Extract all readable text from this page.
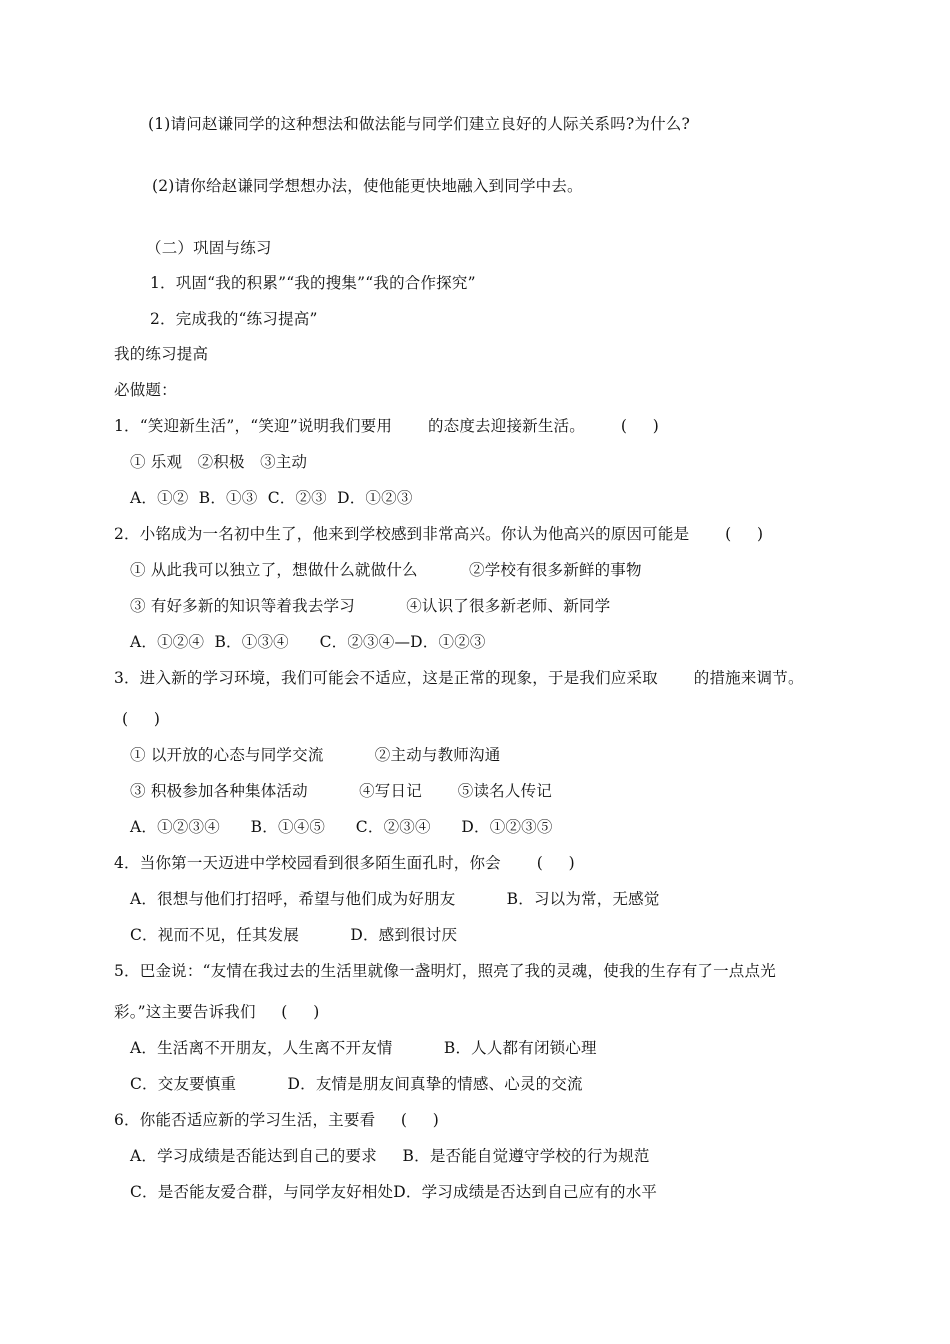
(1)请问赵谦同学的这种想法和做法能与同学们建立良好的人际关系吗?为什么?
(2)请你给赵谦同学想想办法，使他能更快地融入到同学中去。
（二）巩固与练习
1．巩固“我的积累”“我的搜集”“我的合作探究”
2．完成我的“练习提高”
我的练习提高
必做题：
1．“笑迎新生活”，“笑迎”说明我们要用       的态度去迎接新生活。       (     )
① 乐观   ②积极   ③主动
A．①②  B．①③  C．②③  D．①②③
2．小铭成为一名初中生了，他来到学校感到非常高兴。你认为他高兴的原因可能是       (     )
① 从此我可以独立了，想做什么就做什么          ②学校有很多新鲜的事物
③ 有好多新的知识等着我去学习          ④认识了很多新老师、新同学
A．①②④  B．①③④      C．②③④—D．①②③
3．进入新的学习环境，我们可能会不适应，这是正常的现象，于是我们应采取       的措施来调节。
(     )
① 以开放的心态与同学交流          ②主动与教师沟通
③ 积极参加各种集体活动          ④写日记       ⑤读名人传记
A．①②③④      B．①④⑤      C．②③④      D．①②③⑤
4．当你第一天迈进中学校园看到很多陌生面孔时，你会       (     )
A．很想与他们打招呼，希望与他们成为好朋友          B．习以为常，无感觉
C．视而不见，任其发展          D．感到很讨厌
5．巴金说：“友情在我过去的生活里就像一盏明灯，照亮了我的灵魂，使我的生存有了一点点光
彩。”这主要告诉我们     (     )
A．生活离不开朋友，人生离不开友情          B．人人都有闭锁心理
C．交友要慎重          D．友情是朋友间真挚的情感、心灵的交流
6．你能否适应新的学习生活，主要看     (     )
A．学习成绩是否能达到自己的要求     B．是否能自觉遵守学校的行为规范
C．是否能友爱合群，与同学友好相处D．学习成绩是否达到自己应有的水平
